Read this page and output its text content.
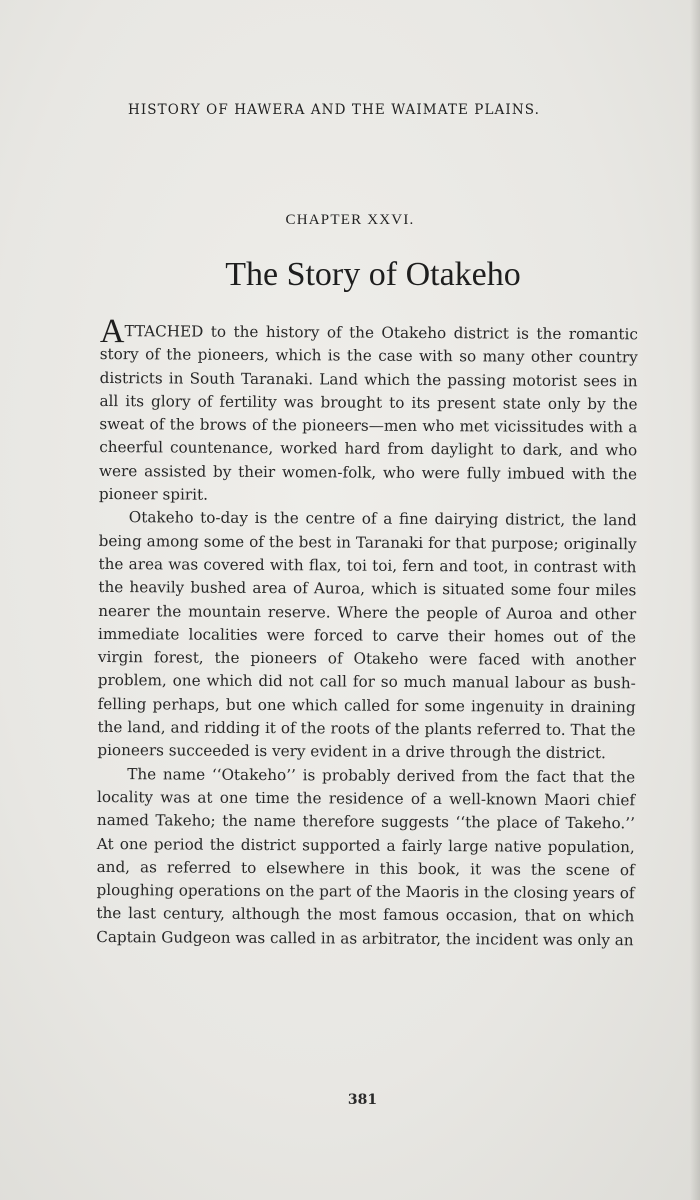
HISTORY OF HAWERA AND THE WAIMATE PLAINS.
CHAPTER XXVI.
The Story of Otakeho

ATTACHED to the history of the Otakeho district is the romantic story of the pioneers, which is the case with so many other country districts in South Taranaki. Land which the passing motorist sees in all its glory of fertility was brought to its present state only by the sweat of the brows of the pioneers—men who met vicissitudes with a cheerful countenance, worked hard from daylight to dark, and who were assisted by their women-folk, who were fully imbued with the pioneer spirit.

Otakeho to-day is the centre of a fine dairying district, the land being among some of the best in Taranaki for that purpose; originally the area was covered with flax, toi toi, fern and toot, in contrast with the heavily bushed area of Auroa, which is situated some four miles nearer the mountain reserve. Where the people of Auroa and other immediate localities were forced to carve their homes out of the virgin forest, the pioneers of Otakeho were faced with another problem, one which did not call for so much manual labour as bush-felling perhaps, but one which called for some ingenuity in draining the land, and ridding it of the roots of the plants referred to. That the pioneers succeeded is very evident in a drive through the district.

The name ‘‘Otakeho’’ is probably derived from the fact that the locality was at one time the residence of a well-known Maori chief named Takeho; the name therefore suggests ‘‘the place of Takeho.’’ At one period the district supported a fairly large native population, and, as referred to elsewhere in this book, it was the scene of ploughing operations on the part of the Maoris in the closing years of the last century, although the most famous occasion, that on which Captain Gudgeon was called in as arbitrator, the incident was only an

381
